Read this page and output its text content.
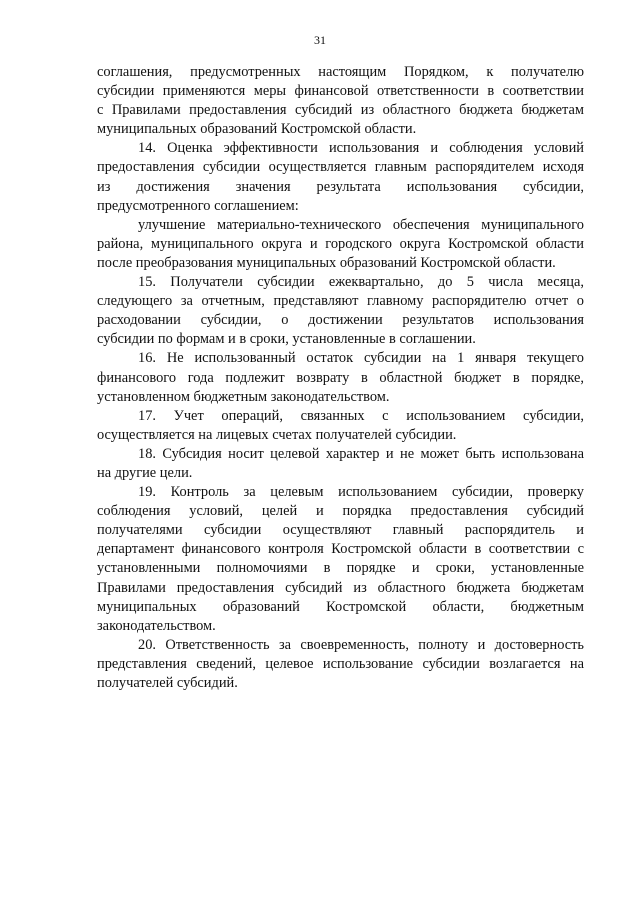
31
соглашения, предусмотренных настоящим Порядком, к получателю
субсидии применяются меры финансовой ответственности в соответствии
с Правилами предоставления субсидий из областного бюджета бюджетам
муниципальных образований Костромской области.
14. Оценка эффективности использования и соблюдения условий
предоставления субсидии осуществляется главным распорядителем исходя
из достижения значения результата использования субсидии,
предусмотренного соглашением:
улучшение материально-технического обеспечения муниципального
района, муниципального округа и городского округа Костромской области
после преобразования муниципальных образований Костромской области.
15. Получатели субсидии ежеквартально, до 5 числа месяца,
следующего за отчетным, представляют главному распорядителю отчет о
расходовании субсидии, о достижении результатов использования
субсидии по формам и в сроки, установленные в соглашении.
16. Не использованный остаток субсидии на 1 января текущего
финансового года подлежит возврату в областной бюджет в порядке,
установленном бюджетным законодательством.
17. Учет операций, связанных с использованием субсидии,
осуществляется на лицевых счетах получателей субсидии.
18. Субсидия носит целевой характер и не может быть использована
на другие цели.
19. Контроль за целевым использованием субсидии, проверку
соблюдения условий, целей и порядка предоставления субсидий
получателями субсидии осуществляют главный распорядитель и
департамент финансового контроля Костромской области в соответствии с
установленными полномочиями в порядке и сроки, установленные
Правилами предоставления субсидий из областного бюджета бюджетам
муниципальных образований Костромской области, бюджетным
законодательством.
20. Ответственность за своевременность, полноту и достоверность
представления сведений, целевое использование субсидии возлагается на
получателей субсидий.
